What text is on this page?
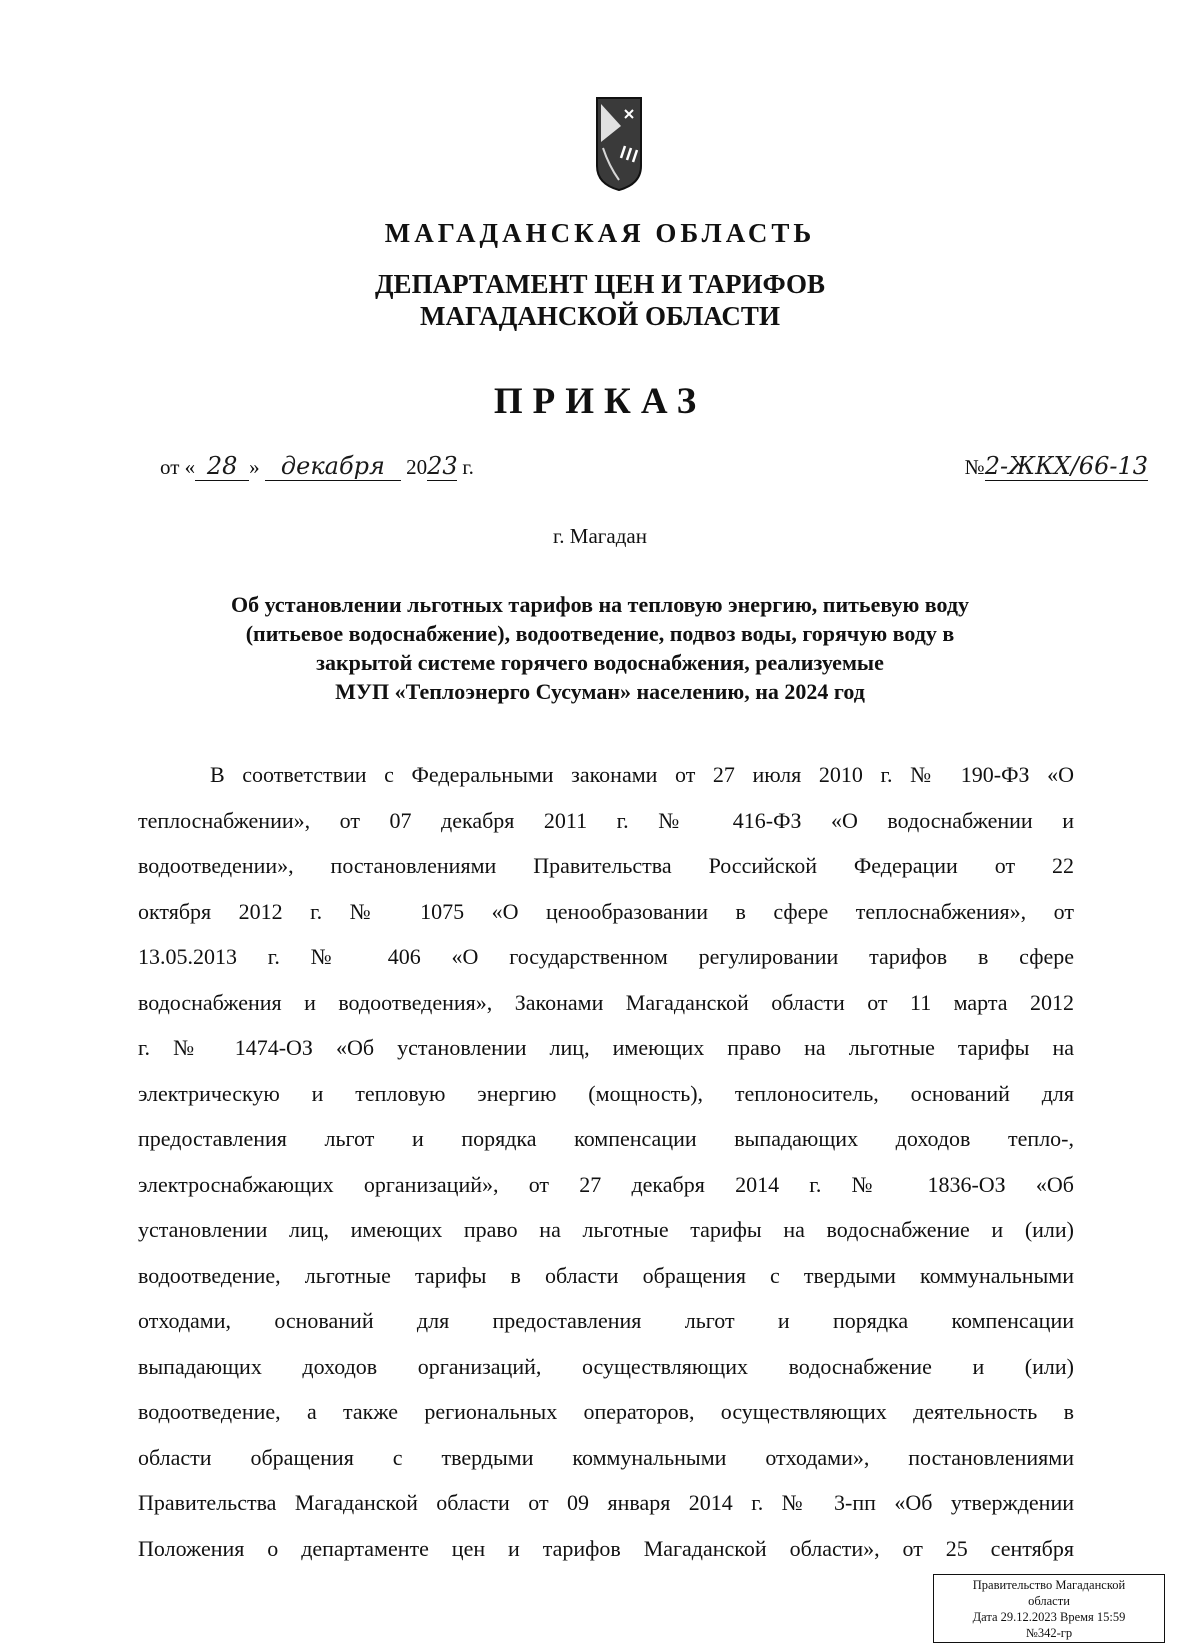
МАГАДАНСКАЯ ОБЛАСТЬ
ДЕПАРТАМЕНТ ЦЕН И ТАРИФОВ
МАГАДАНСКОЙ ОБЛАСТИ
ПРИКАЗ
от « 28 » декабря 2023 г.	№2-ЖКХ/66-13
г. Магадан
Об установлении льготных тарифов на тепловую энергию, питьевую воду
(питьевое водоснабжение), водоотведение, подвоз воды, горячую воду в
закрытой системе горячего водоснабжения, реализуемые
МУП «Теплоэнерго Сусуман» населению, на 2024 год
В соответствии с Федеральными законами от 27 июля 2010 г. № 190-ФЗ «О
теплоснабжении», от 07 декабря 2011 г. № 416-ФЗ «О водоснабжении и
водоотведении», постановлениями Правительства Российской Федерации от 22
октября 2012 г. № 1075 «О ценообразовании в сфере теплоснабжения», от
13.05.2013 г. № 406 «О государственном регулировании тарифов в сфере
водоснабжения и водоотведения», Законами Магаданской области от 11 марта 2012
г. № 1474-ОЗ «Об установлении лиц, имеющих право на льготные тарифы на
электрическую и тепловую энергию (мощность), теплоноситель, оснований для
предоставления льгот и порядка компенсации выпадающих доходов тепло-,
электроснабжающих организаций», от 27 декабря 2014 г. № 1836-ОЗ «Об
установлении лиц, имеющих право на льготные тарифы на водоснабжение и (или)
водоотведение, льготные тарифы в области обращения с твердыми коммунальными
отходами, оснований для предоставления льгот и порядка компенсации
выпадающих доходов организаций, осуществляющих водоснабжение и (или)
водоотведение, а также региональных операторов, осуществляющих деятельность в
области обращения с твердыми коммунальными отходами», постановлениями
Правительства Магаданской области от 09 января 2014 г. № 3-пп «Об утверждении
Положения о департаменте цен и тарифов Магаданской области», от 25 сентября
Правительство Магаданской
области
Дата 29.12.2023 Время 15:59
№342-гр
